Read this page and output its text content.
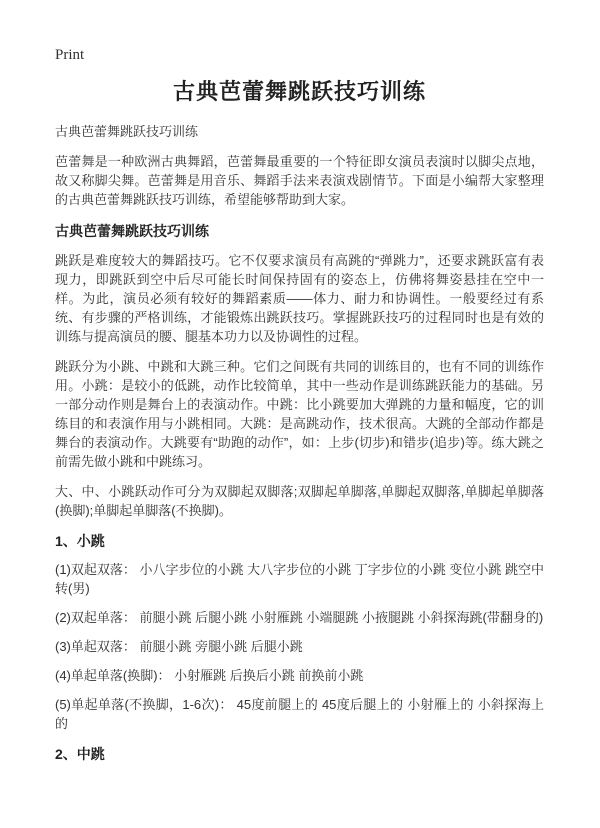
Print
古典芭蕾舞跳跃技巧训练

古典芭蕾舞跳跃技巧训练

芭蕾舞是一种欧洲古典舞蹈，芭蕾舞最重要的一个特征即女演员表演时以脚尖点地，故又称脚尖舞。芭蕾舞是用音乐、舞蹈手法来表演戏剧情节。下面是小编帮大家整理的古典芭蕾舞跳跃技巧训练，希望能够帮助到大家。

古典芭蕾舞跳跃技巧训练

跳跃是难度较大的舞蹈技巧。它不仅要求演员有高跳的“弹跳力”，还要求跳跃富有表现力，即跳跃到空中后尽可能长时间保持固有的姿态上，仿佛将舞姿悬挂在空中一样。为此，演员必须有较好的舞蹈素质——体力、耐力和协调性。一般要经过有系统、有步骤的严格训练，才能锻炼出跳跃技巧。掌握跳跃技巧的过程同时也是有效的训练与提高演员的腰、腿基本功力以及协调性的过程。

跳跃分为小跳、中跳和大跳三种。它们之间既有共同的训练目的，也有不同的训练作用。小跳：是较小的低跳，动作比较简单，其中一些动作是训练跳跃能力的基础。另一部分动作则是舞台上的表演动作。中跳：比小跳要加大弹跳的力量和幅度，它的训练目的和表演作用与小跳相同。大跳：是高跳动作，技术很高。大跳的全部动作都是舞台的表演动作。大跳要有“助跑的动作”，如：上步(切步)和错步(追步)等。练大跳之前需先做小跳和中跳练习。

大、中、小跳跃动作可分为双脚起双脚落;双脚起单脚落,单脚起双脚落,单脚起单脚落(换脚);单脚起单脚落(不换脚)。

1、小跳

(1)双起双落： 小八字步位的小跳 大八字步位的小跳 丁字步位的小跳 变位小跳 跳空中转(男)

(2)双起单落： 前腿小跳 后腿小跳 小射雁跳 小端腿跳 小掖腿跳 小斜探海跳(带翻身的)

(3)单起双落： 前腿小跳 旁腿小跳 后腿小跳

(4)单起单落(换脚)： 小射雁跳 后换后小跳 前换前小跳

(5)单起单落(不换脚，1-6次)： 45度前腿上的 45度后腿上的 小射雁上的 小斜探海上的

2、中跳
